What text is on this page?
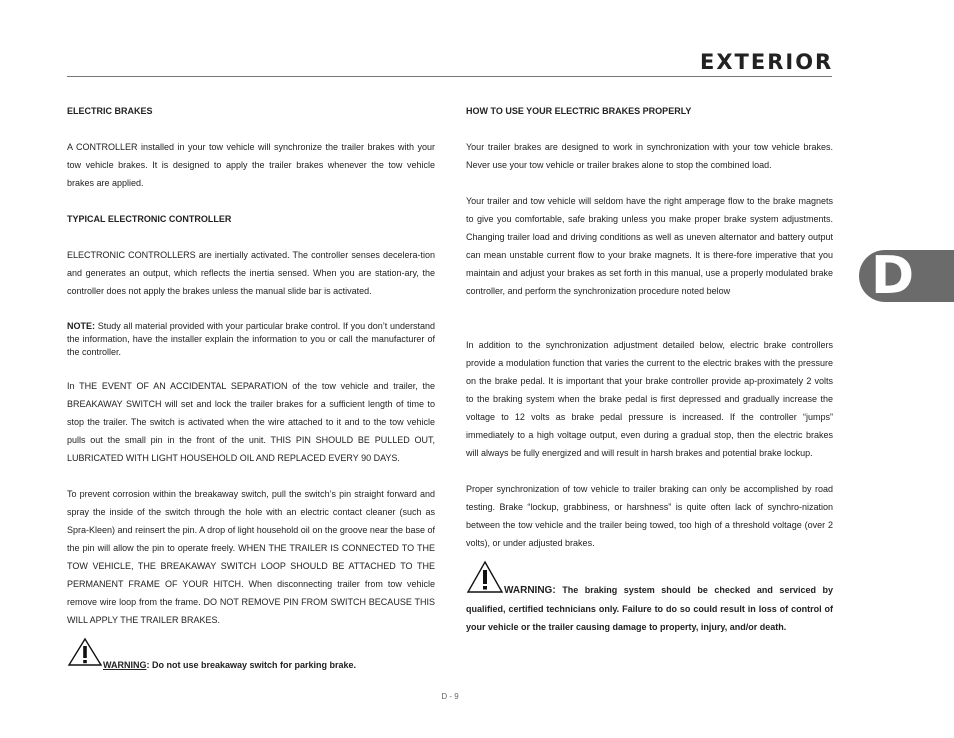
EXTERIOR
D
ELECTRIC BRAKES

A CONTROLLER installed in your tow vehicle will synchronize the trailer brakes with your tow vehicle brakes. It is designed to apply the trailer brakes whenever the tow vehicle brakes are applied.

TYPICAL ELECTRONIC CONTROLLER

ELECTRONIC CONTROLLERS are inertially activated. The controller senses decelera-tion and generates an output, which reflects the inertia sensed. When you are station-ary, the controller does not apply the brakes unless the manual slide bar is activated.

NOTE: Study all material provided with your particular brake control. If you don’t understand the information, have the installer explain the information to you or call the manufacturer of the controller.

In THE EVENT OF AN ACCIDENTAL SEPARATION of the tow vehicle and trailer, the BREAKAWAY SWITCH will set and lock the trailer brakes for a sufficient length of time to stop the trailer. The switch is activated when the wire attached to it and to the tow vehicle pulls out the small pin in the front of the unit. THIS PIN SHOULD BE PULLED OUT, LUBRICATED WITH LIGHT HOUSEHOLD OIL AND REPLACED EVERY 90 DAYS.

To prevent corrosion within the breakaway switch, pull the switch’s pin straight forward and spray the inside of the switch through the hole with an electric contact cleaner (such as Spra-Kleen) and reinsert the pin. A drop of light household oil on the groove near the base of the pin will allow the pin to operate freely. WHEN THE TRAILER IS CONNECTED TO THE TOW VEHICLE, THE BREAKAWAY SWITCH LOOP SHOULD BE ATTACHED TO THE PERMANENT FRAME OF YOUR HITCH. When disconnecting trailer from tow vehicle remove wire loop from the frame. DO NOT REMOVE PIN FROM SWITCH BECAUSE THIS WILL APPLY THE TRAILER BRAKES.

WARNING: Do not use breakaway switch for parking brake.
HOW TO USE YOUR ELECTRIC BRAKES PROPERLY

Your trailer brakes are designed to work in synchronization with your tow vehicle brakes. Never use your tow vehicle or trailer brakes alone to stop the combined load.

Your trailer and tow vehicle will seldom have the right amperage flow to the brake magnets to give you comfortable, safe braking unless you make proper brake system adjustments. Changing trailer load and driving conditions as well as uneven alternator and battery output can mean unstable current flow to your brake magnets. It is there-fore imperative that you maintain and adjust your brakes as set forth in this manual, use a properly modulated brake controller, and perform the synchronization procedure noted below

In addition to the synchronization adjustment detailed below, electric brake controllers provide a modulation function that varies the current to the electric brakes with the pressure on the brake pedal. It is important that your brake controller provide ap-proximately 2 volts to the braking system when the brake pedal is first depressed and gradually increase the voltage to 12 volts as brake pedal pressure is increased. If the controller “jumps” immediately to a high voltage output, even during a gradual stop, then the electric brakes will always be fully energized and will result in harsh brakes and potential brake lockup.

Proper synchronization of tow vehicle to trailer braking can only be accomplished by road testing. Brake “lockup, grabbiness, or harshness” is quite often lack of synchro-nization between the tow vehicle and the trailer being towed, too high of a threshold voltage (over 2 volts), or under adjusted brakes.

WARNING: The braking system should be checked and serviced by qualified, certified technicians only. Failure to do so could result in loss of control of your vehicle or the trailer causing damage to property, injury, and/or death.

D - 9
